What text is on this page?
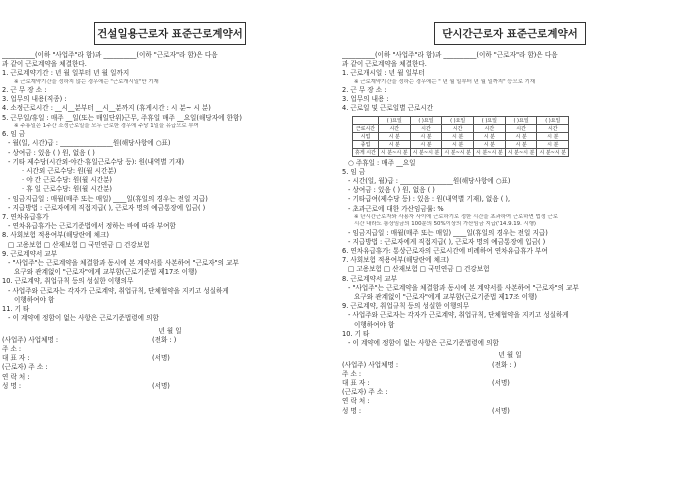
건설일용근로자 표준근로계약서
__________(이하 "사업주"라 함)과 __________(이하 "근로자"라 함)은 다음
과 같이 근로계약을 체결한다.
1. 근로계약기간 : 년 월 일부터 년 월 일까지
※ 근로계약기간을 정하지 않는 경우에는 "근로개시일"만 기재
2. 근 무 장 소 :
3. 업무의 내용(직종) :
4. 소정근로시간 : __시__분부터 __시__분까지 (휴게시간 : 시 분~ 시 분)
5. 근무일/휴일 : 매주 __일(또는 매일단위)근무, 주휴일 매주 __요일(해당자에 한함)
※ 주휴일은 1주간 소정근로일을 모두 근로한 경우에 주당 1일을 유급으로 부여
6. 임 금
- 월(일, 시간)급 : ________________원(해당사항에 ○표)
- 상여금 : 있음 ( ) 원, 없음 ( )
- 기타 제수당(시간외·야간·휴일근로수당 등): 원(내역별 기재)
· 시간외 근로수당: 원(월 시간분)
· 야 간 근로수당: 원(월 시간분)
· 휴 일 근로수당: 원(월 시간분)
- 임금지급일 : 매월(매주 또는 매일) ____일(휴일의 경우는 전일 지급)
- 지급방법 : 근로자에게 직접지급( ), 근로자 명의 예금통장에 입금( )
7. 연차유급휴가
- 연차유급휴가는 근로기준법에서 정하는 바에 따라 부여함
8. 사회보험 적용여부(해당란에 체크)
□ 고용보험 □ 산재보험 □ 국민연금 □ 건강보험
9. 근로계약서 교부
- "사업주"는 근로계약을 체결함과 동시에 본 계약서를 사본하여 "근로자"의 교부
요구와 관계없이 "근로자"에게 교부함(근로기준법 제17조 이행)
10. 근로계약, 취업규칙 등의 성실한 이행의무
- 사업주와 근로자는 각자가 근로계약, 취업규칙, 단체협약을 지키고 성실하게
이행하여야 함
11. 기 타
- 이 계약에 정함이 없는 사항은 근로기준법령에 의함
년 월 일
(사업주) 사업체명 :	(전화 : )
주 소 :
대 표 자 :	(서명)
(근로자) 주 소 :
연 락 처 :
성 명 :	(서명)
단시간근로자 표준근로계약서
__________(이하 "사업주"라 함)과 __________(이하 "근로자"라 함)은 다음
과 같이 근로계약을 체결한다.
1. 근로개시일 : 년 월 일부터
※ 근로계약기간을 정하는 경우에는 " 년 월 일부터 년 월 일까지" 등으로 기재
2. 근 무 장 소 :
3. 업무의 내용 :
4. 근로일 및 근로일별 근로시간
	( )요일	( )요일	( )요일	( )요일	( )요일	( )요일
근로시간	시간	시간	시간	시간	시간	시간
시업	시 분	시 분	시 분	시 분	시 분	시 분
종업	시 분	시 분	시 분	시 분	시 분	시 분
휴게 시간	시 분~시 분	시 분~시 분	시 분~시 분	시 분~시 분	시 분~시 분	시 분~시 분
○ 주휴일 : 매주 __요일
5. 임 금
- 시간(일, 월)급 : ________________원(해당사항에 ○표)
- 상여금 : 있음 ( ) 원, 없음 ( )
- 기타급여(제수당 등) : 있음 : 원(내역별 기재), 없음 ( ),
- 초과근로에 대한 가산임금률: %
※ 단시간근로자와 사용자 사이에 근로하기로 정한 시간을 초과하여 근로하면 법정 근로
시간 내라도 통상임금의 100분의 50%이상의 가산임금 지급('14.9.19. 시행)
- 임금지급일 : 매월(매주 또는 매일) ____일(휴일의 경우는 전일 지급)
- 지급방법 : 근로자에게 직접지급( ), 근로자 명의 예금통장에 입금( )
6. 연차유급휴가: 통상근로자의 근로시간에 비례하여 연차유급휴가 부여
7. 사회보험 적용여부(해당란에 체크)
□ 고용보험 □ 산재보험 □ 국민연금 □ 건강보험
8. 근로계약서 교부
- "사업주"는 근로계약을 체결함과 동시에 본 계약서를 사본하여 "근로자"의 교부
요구와 관계없이 "근로자"에게 교부함(근로기준법 제17조 이행)
9. 근로계약, 취업규칙 등의 성실한 이행의무
- 사업주와 근로자는 각자가 근로계약, 취업규칙, 단체협약을 지키고 성실하게
이행하여야 함
10. 기 타
- 이 계약에 정함이 없는 사항은 근로기준법령에 의함
년 월 일
(사업주) 사업체명 :	(전화 : )
주 소 :
대 표 자 :	(서명)
(근로자) 주 소 :
연 락 처 :
성 명 :	(서명)
